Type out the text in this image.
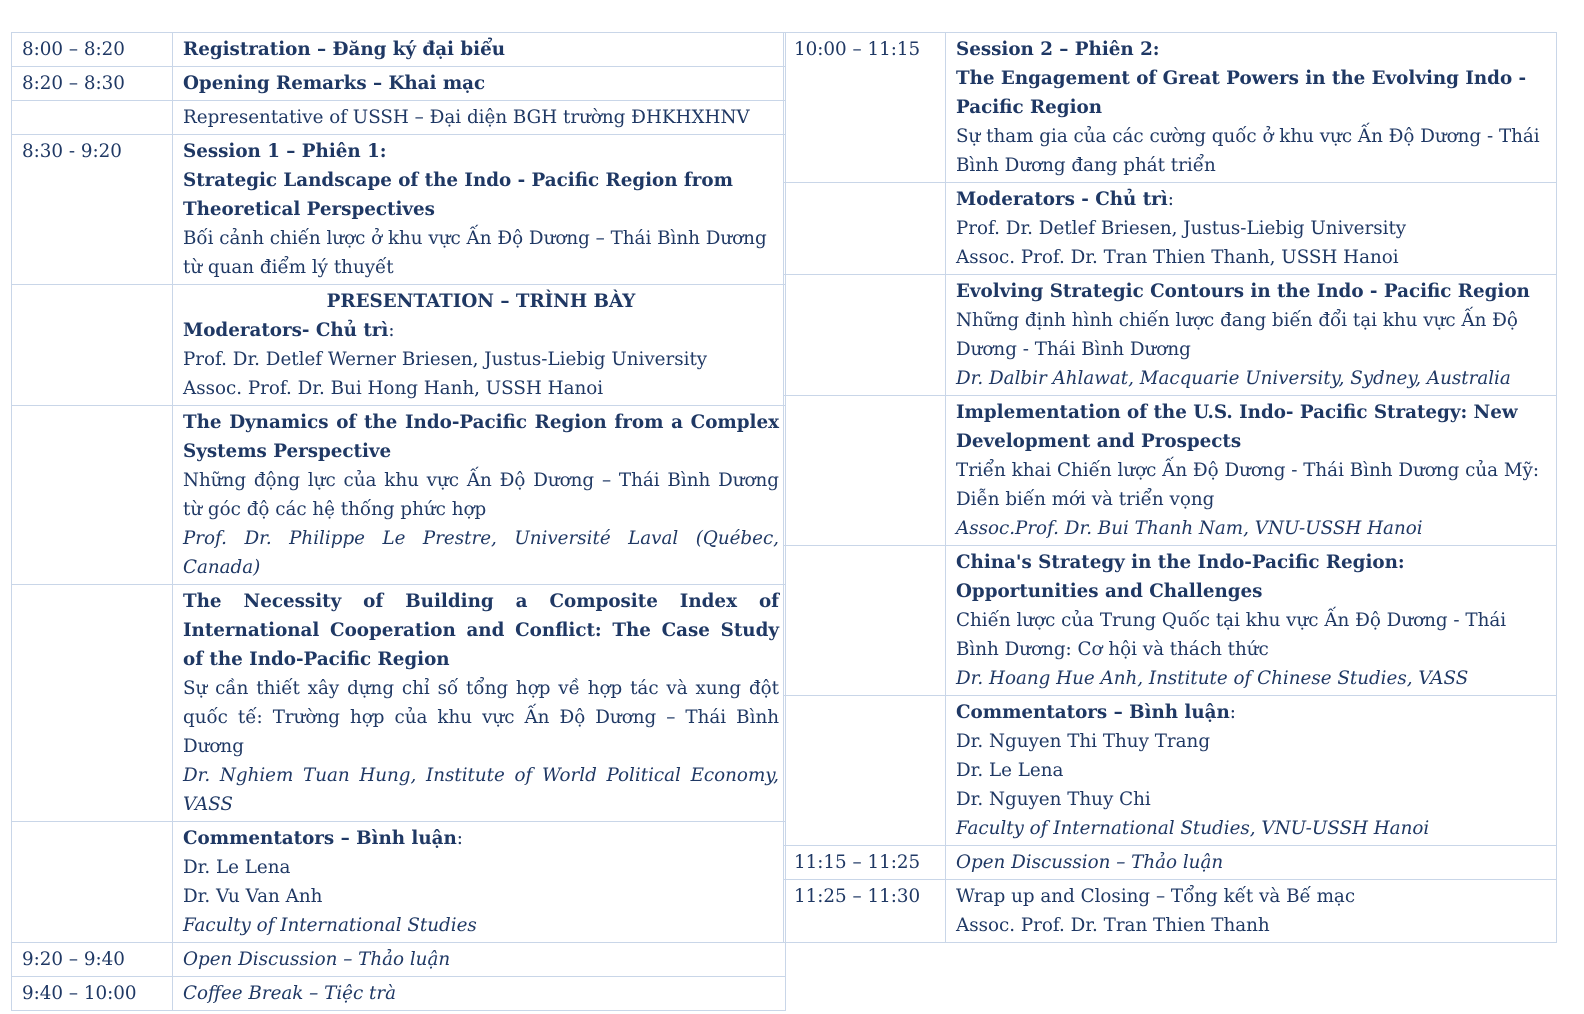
8:00 – 8:20	Registration – Đăng ký đại biểu

8:20 – 8:30	Opening Remarks – Khai mạc

	Representative of USSH – Đại diện BGH trường ĐHKHXHNV

8:30 - 9:20	Session 1 – Phiên 1:
Strategic Landscape of the Indo - Pacific Region from Theoretical Perspectives
Bối cảnh chiến lược ở khu vực Ấn Độ Dương – Thái Bình Dương từ quan điểm lý thuyết

	PRESENTATION – TRÌNH BÀY
Moderators- Chủ trì:
Prof. Dr. Detlef Werner Briesen, Justus-Liebig University
Assoc. Prof. Dr. Bui Hong Hanh, USSH Hanoi

	The Dynamics of the Indo-Pacific Region from a Complex Systems Perspective
Những động lực của khu vực Ấn Độ Dương – Thái Bình Dương từ góc độ các hệ thống phức hợp
Prof. Dr. Philippe Le Prestre, Université Laval (Québec, Canada)

	The Necessity of Building a Composite Index of International Cooperation and Conflict: The Case Study of the Indo-Pacific Region
Sự cần thiết xây dựng chỉ số tổng hợp về hợp tác và xung đột quốc tế: Trường hợp của khu vực Ấn Độ Dương – Thái Bình Dương
Dr. Nghiem Tuan Hung, Institute of World Political Economy, VASS

	Commentators – Bình luận:
Dr. Le Lena
Dr. Vu Van Anh
Faculty of International Studies

9:20 – 9:40	Open Discussion – Thảo luận

9:40 – 10:00	Coffee Break – Tiệc trà
10:00 – 11:15	Session 2 – Phiên 2:
The Engagement of Great Powers in the Evolving Indo - Pacific Region
Sự tham gia của các cường quốc ở khu vực Ấn Độ Dương - Thái Bình Dương đang phát triển

	Moderators - Chủ trì:
Prof. Dr. Detlef Briesen, Justus-Liebig University
Assoc. Prof. Dr. Tran Thien Thanh, USSH Hanoi

	Evolving Strategic Contours in the Indo - Pacific Region
Những định hình chiến lược đang biến đổi tại khu vực Ấn Độ Dương - Thái Bình Dương
Dr. Dalbir Ahlawat, Macquarie University, Sydney, Australia

	Implementation of the U.S. Indo- Pacific Strategy: New Development and Prospects
Triển khai Chiến lược Ấn Độ Dương - Thái Bình Dương của Mỹ: Diễn biến mới và triển vọng
Assoc.Prof. Dr. Bui Thanh Nam, VNU-USSH Hanoi

	China's Strategy in the Indo-Pacific Region: Opportunities and Challenges
Chiến lược của Trung Quốc tại khu vực Ấn Độ Dương - Thái Bình Dương: Cơ hội và thách thức
Dr. Hoang Hue Anh, Institute of Chinese Studies, VASS

	Commentators – Bình luận:
Dr. Nguyen Thi Thuy Trang
Dr. Le Lena
Dr. Nguyen Thuy Chi
Faculty of International Studies, VNU-USSH Hanoi

11:15 – 11:25	Open Discussion – Thảo luận

11:25 – 11:30	Wrap up and Closing – Tổng kết và Bế mạc
Assoc. Prof. Dr. Tran Thien Thanh
